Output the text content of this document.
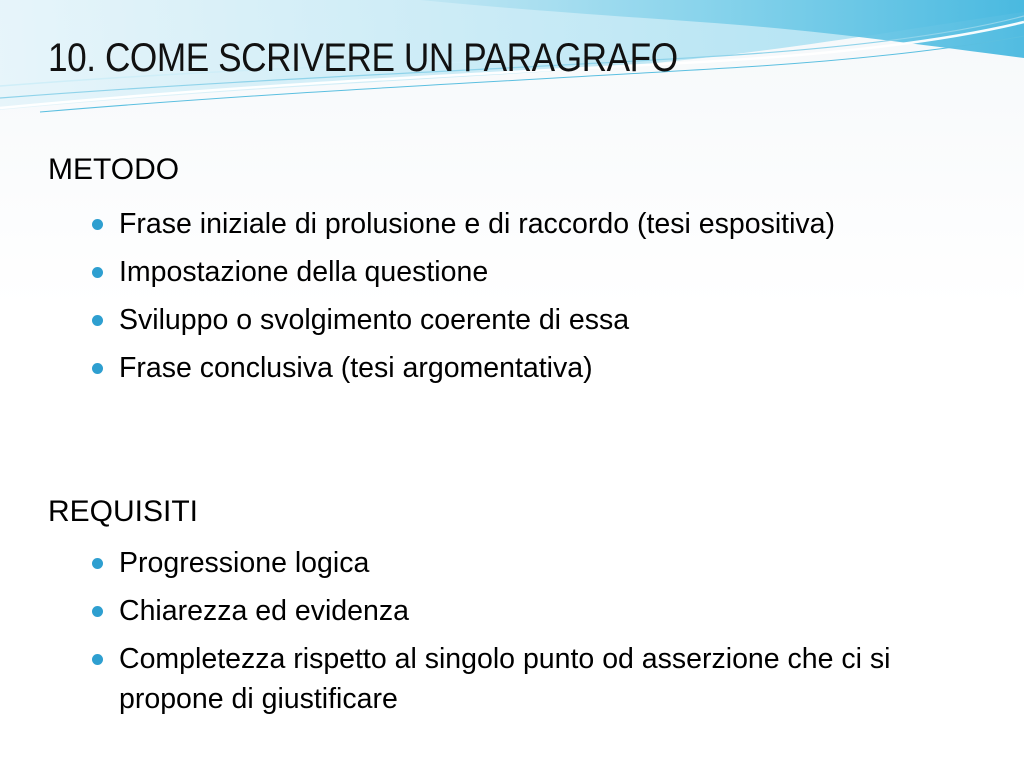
10. COME SCRIVERE UN PARAGRAFO
METODO
Frase iniziale di prolusione e di raccordo (tesi espositiva)
Impostazione della questione
Sviluppo o svolgimento coerente di essa
Frase conclusiva (tesi argomentativa)
REQUISITI
Progressione logica
Chiarezza ed evidenza
Completezza rispetto al singolo punto od asserzione che ci si propone di giustificare
